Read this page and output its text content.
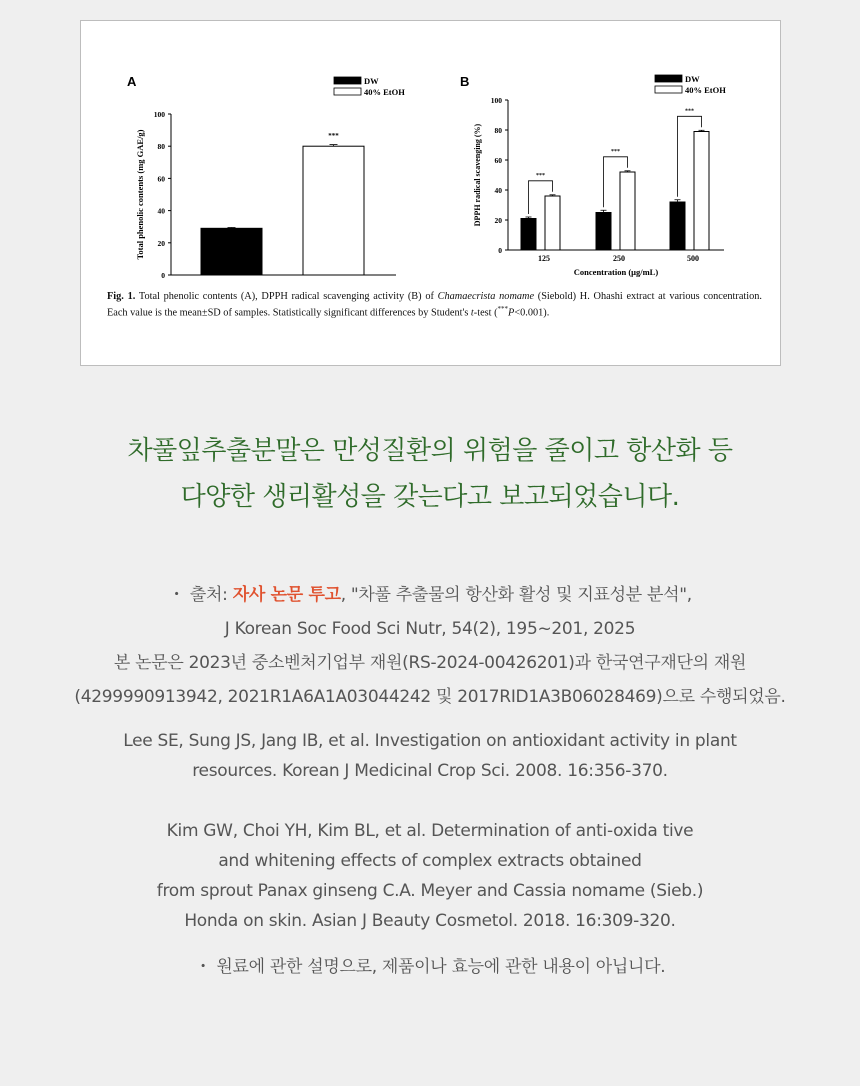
A	B
0
20
40
60
80
100
Total phenolic contents (mg GAE/g)	***
DW
40% EtOH
0
20
40
60
80
100
DPPH radical scavenging (%)
Concentration (μg/mL)
125
***
250
***
500
***
DW
40% EtOH
Fig. 1. Total phenolic contents (A), DPPH radical scavenging activity (B) of Chamaecrista nomame (Siebold) H. Ohashi extract at various concentration. Each value is the mean±SD of samples. Statistically significant differences by Student's t-test (***P<0.001).
차풀잎추출분말은 만성질환의 위험을 줄이고 항산화 등
다양한 생리활성을 갖는다고 보고되었습니다.
・ 출처: 자사 논문 투고, "차풀 추출물의 항산화 활성 및 지표성분 분석",
J Korean Soc Food Sci Nutr, 54(2), 195~201, 2025
본 논문은 2023년 중소벤처기업부 재원(RS-2024-00426201)과 한국연구재단의 재원
(4299990913942, 2021R1A6A1A03044242 및 2017RID1A3B06028469)으로 수행되었음.
Lee SE, Sung JS, Jang IB, et al. Investigation on antioxidant activity in plant
resources. Korean J Medicinal Crop Sci. 2008. 16:356-370.
Kim GW, Choi YH, Kim BL, et al. Determination of anti-oxida tive
and whitening effects of complex extracts obtained
from sprout Panax ginseng C.A. Meyer and Cassia nomame (Sieb.)
Honda on skin. Asian J Beauty Cosmetol. 2018. 16:309-320.
・ 원료에 관한 설명으로, 제품이나 효능에 관한 내용이 아닙니다.
